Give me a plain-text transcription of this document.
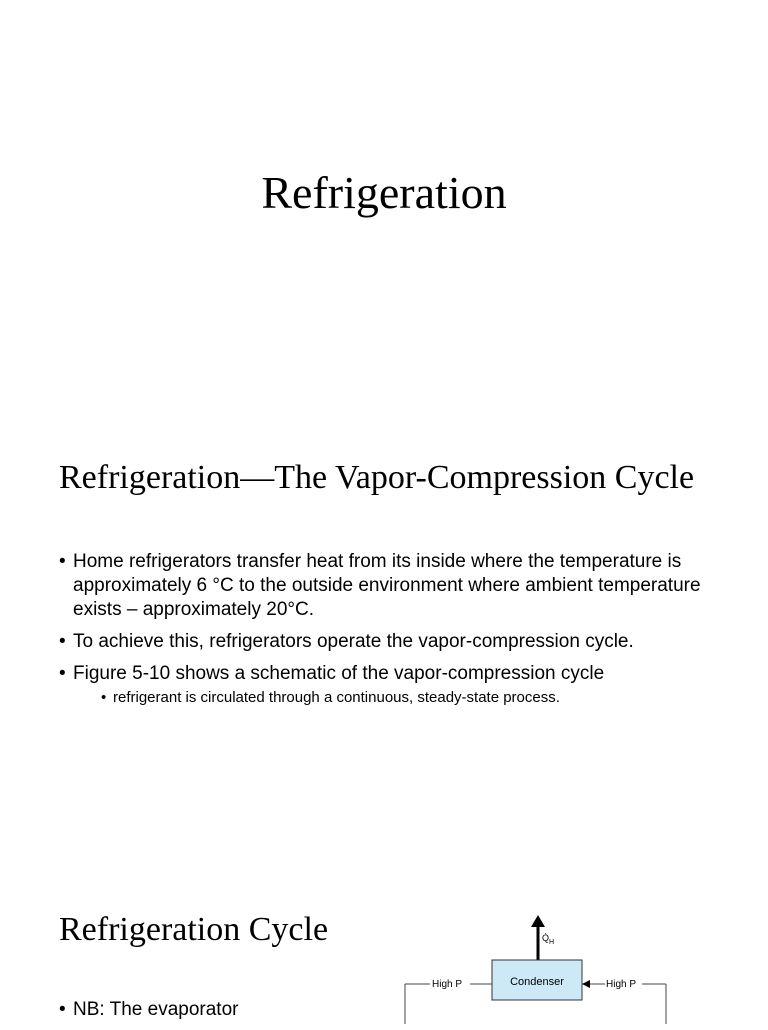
Refrigeration
Refrigeration—The Vapor-Compression Cycle
• Home refrigerators transfer heat from its inside where the temperature is approximately 6 °C to the outside environment where ambient temperature exists – approximately 20°C.
• To achieve this, refrigerators operate the vapor-compression cycle.
• Figure 5-10 shows a schematic of the vapor-compression cycle
• refrigerant is circulated through a continuous, steady-state process.
Refrigeration Cycle
• NB: The evaporator
$Q̇_H$
Condenser
High P	High P
